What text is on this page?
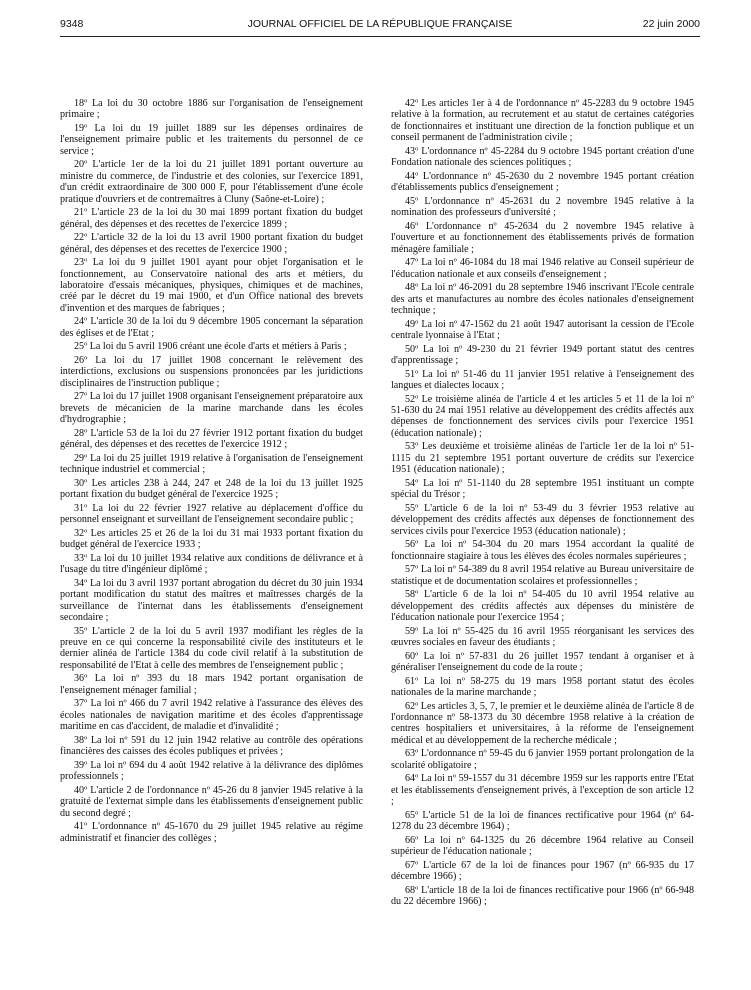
9348	JOURNAL OFFICIEL DE LA RÉPUBLIQUE FRANÇAISE	22 juin 2000

18º La loi du 30 octobre 1886 sur l'organisation de l'enseignement primaire ;

19º La loi du 19 juillet 1889 sur les dépenses ordinaires de l'enseignement primaire public et les traitements du personnel de ce service ;

20º L'article 1er de la loi du 21 juillet 1891 portant ouverture au ministre du commerce, de l'industrie et des colonies, sur l'exercice 1891, d'un crédit extraordinaire de 300 000 F, pour l'établissement d'une école pratique d'ouvriers et de contremaîtres à Cluny (Saône-et-Loire) ;

21º L'article 23 de la loi du 30 mai 1899 portant fixation du budget général, des dépenses et des recettes de l'exercice 1899 ;

22º L'article 32 de la loi du 13 avril 1900 portant fixation du budget général, des dépenses et des recettes de l'exercice 1900 ;

23º La loi du 9 juillet 1901 ayant pour objet l'organisation et le fonctionnement, au Conservatoire national des arts et métiers, du laboratoire d'essais mécaniques, physiques, chimiques et de machines, créé par le décret du 19 mai 1900, et d'un Office national des brevets d'invention et des marques de fabriques ;

24º L'article 30 de la loi du 9 décembre 1905 concernant la séparation des églises et de l'Etat ;

25º La loi du 5 avril 1906 créant une école d'arts et métiers à Paris ;

26º La loi du 17 juillet 1908 concernant le relèvement des interdictions, exclusions ou suspensions prononcées par les juridictions disciplinaires de l'instruction publique ;

27º La loi du 17 juillet 1908 organisant l'enseignement préparatoire aux brevets de mécanicien de la marine marchande dans les écoles d'hydrographie ;

28º L'article 53 de la loi du 27 février 1912 portant fixation du budget général, des dépenses et des recettes de l'exercice 1912 ;

29º La loi du 25 juillet 1919 relative à l'organisation de l'enseignement technique industriel et commercial ;

30º Les articles 238 à 244, 247 et 248 de la loi du 13 juillet 1925 portant fixation du budget général de l'exercice 1925 ;

31º La loi du 22 février 1927 relative au déplacement d'office du personnel enseignant et surveillant de l'enseignement secondaire public ;

32º Les articles 25 et 26 de la loi du 31 mai 1933 portant fixation du budget général de l'exercice 1933 ;

33º La loi du 10 juillet 1934 relative aux conditions de délivrance et à l'usage du titre d'ingénieur diplômé ;

34º La loi du 3 avril 1937 portant abrogation du décret du 30 juin 1934 portant modification du statut des maîtres et maîtresses chargés de la surveillance de l'internat dans les établissements d'enseignement secondaire ;

35º L'article 2 de la loi du 5 avril 1937 modifiant les règles de la preuve en ce qui concerne la responsabilité civile des instituteurs et le dernier alinéa de l'article 1384 du code civil relatif à la substitution de responsabilité de l'Etat à celle des membres de l'enseignement public ;

36º La loi nº 393 du 18 mars 1942 portant organisation de l'enseignement ménager familial ;

37º La loi nº 466 du 7 avril 1942 relative à l'assurance des élèves des écoles nationales de navigation maritime et des écoles d'apprentissage maritime en cas d'accident, de maladie et d'invalidité ;

38º La loi nº 591 du 12 juin 1942 relative au contrôle des opérations financières des caisses des écoles publiques et privées ;

39º La loi nº 694 du 4 août 1942 relative à la délivrance des diplômes professionnels ;

40º L'article 2 de l'ordonnance nº 45-26 du 8 janvier 1945 relative à la gratuité de l'externat simple dans les établissements d'enseignement public du second degré ;

41º L'ordonnance nº 45-1670 du 29 juillet 1945 relative au régime administratif et financier des collèges ;

42º Les articles 1er à 4 de l'ordonnance nº 45-2283 du 9 octobre 1945 relative à la formation, au recrutement et au statut de certaines catégories de fonctionnaires et instituant une direction de la fonction publique et un conseil permanent de l'administration civile ;

43º L'ordonnance nº 45-2284 du 9 octobre 1945 portant création d'une Fondation nationale des sciences politiques ;

44º L'ordonnance nº 45-2630 du 2 novembre 1945 portant création d'établissements publics d'enseignement ;

45º L'ordonnance nº 45-2631 du 2 novembre 1945 relative à la nomination des professeurs d'université ;

46º L'ordonnance nº 45-2634 du 2 novembre 1945 relative à l'ouverture et au fonctionnement des établissements privés de formation ménagère familiale ;

47º La loi nº 46-1084 du 18 mai 1946 relative au Conseil supérieur de l'éducation nationale et aux conseils d'enseignement ;

48º La loi nº 46-2091 du 28 septembre 1946 inscrivant l'Ecole centrale des arts et manufactures au nombre des écoles nationales d'enseignement technique ;

49º La loi nº 47-1562 du 21 août 1947 autorisant la cession de l'Ecole centrale lyonnaise à l'Etat ;

50º La loi nº 49-230 du 21 février 1949 portant statut des centres d'apprentissage ;

51º La loi nº 51-46 du 11 janvier 1951 relative à l'enseignement des langues et dialectes locaux ;

52º Le troisième alinéa de l'article 4 et les articles 5 et 11 de la loi nº 51-630 du 24 mai 1951 relative au développement des crédits affectés aux dépenses de fonctionnement des services civils pour l'exercice 1951 (éducation nationale) ;

53º Les deuxième et troisième alinéas de l'article 1er de la loi nº 51-1115 du 21 septembre 1951 portant ouverture de crédits sur l'exercice 1951 (éducation nationale) ;

54º La loi nº 51-1140 du 28 septembre 1951 instituant un compte spécial du Trésor ;

55º L'article 6 de la loi nº 53-49 du 3 février 1953 relative au développement des crédits affectés aux dépenses de fonctionnement des services civils pour l'exercice 1953 (éducation nationale) ;

56º La loi nº 54-304 du 20 mars 1954 accordant la qualité de fonctionnaire stagiaire à tous les élèves des écoles normales supérieures ;

57º La loi nº 54-389 du 8 avril 1954 relative au Bureau universitaire de statistique et de documentation scolaires et professionnelles ;

58º L'article 6 de la loi nº 54-405 du 10 avril 1954 relative au développement des crédits affectés aux dépenses du ministère de l'éducation nationale pour l'exercice 1954 ;

59º La loi nº 55-425 du 16 avril 1955 réorganisant les services des œuvres sociales en faveur des étudiants ;

60º La loi nº 57-831 du 26 juillet 1957 tendant à organiser et à généraliser l'enseignement du code de la route ;

61º La loi nº 58-275 du 19 mars 1958 portant statut des écoles nationales de la marine marchande ;

62º Les articles 3, 5, 7, le premier et le deuxième alinéa de l'article 8 de l'ordonnance nº 58-1373 du 30 décembre 1958 relative à la création de centres hospitaliers et universitaires, à la réforme de l'enseignement médical et au développement de la recherche médicale ;

63º L'ordonnance nº 59-45 du 6 janvier 1959 portant prolongation de la scolarité obligatoire ;

64º La loi nº 59-1557 du 31 décembre 1959 sur les rapports entre l'Etat et les établissements d'enseignement privés, à l'exception de son article 12 ;

65º L'article 51 de la loi de finances rectificative pour 1964 (nº 64-1278 du 23 décembre 1964) ;

66º La loi nº 64-1325 du 26 décembre 1964 relative au Conseil supérieur de l'éducation nationale ;

67º L'article 67 de la loi de finances pour 1967 (nº 66-935 du 17 décembre 1966) ;

68º L'article 18 de la loi de finances rectificative pour 1966 (nº 66-948 du 22 décembre 1966) ;
